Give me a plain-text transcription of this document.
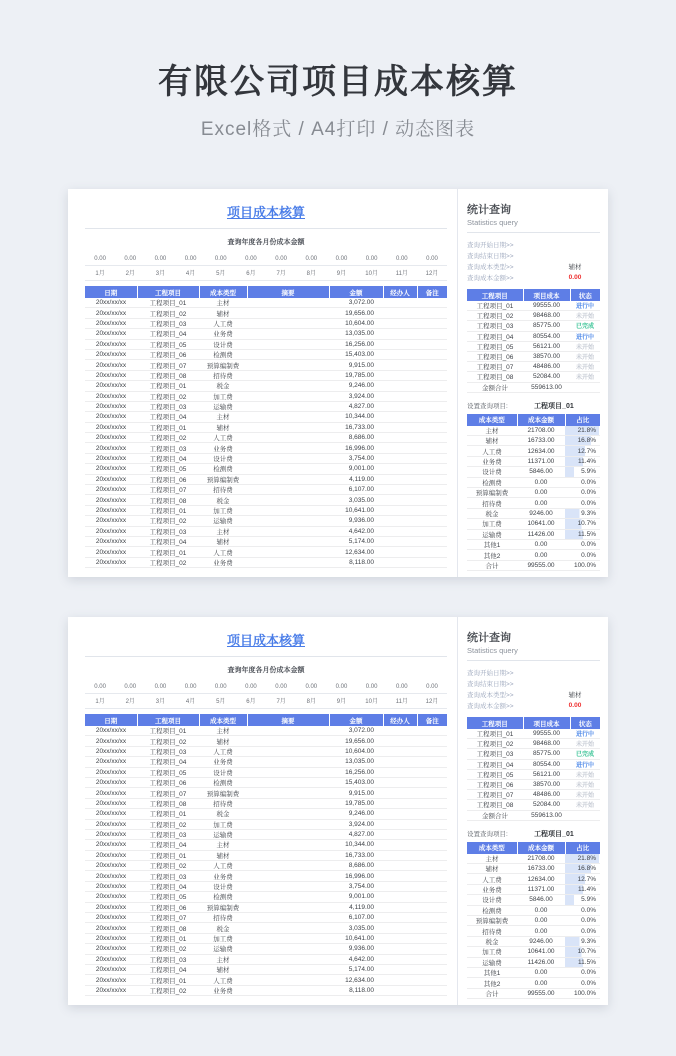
有限公司项目成本核算

Excel格式 / A4打印 / 动态图表

项目成本核算
查询年度各月份成本金额
0.00	0.00	0.00	0.00	0.00	0.00	0.00	0.00	0.00	0.00	0.00	0.00
1月	2月	3月	4月	5月	6月	7月	8月	9月	10月	11月	12月
日期	工程项目	成本类型	摘要	金额	经办人	备注
20xx/xx/xx	工程项目_01	主材		3,072.00		
20xx/xx/xx	工程项目_02	辅材		19,656.00		
20xx/xx/xx	工程项目_03	人工费		10,604.00		
20xx/xx/xx	工程项目_04	业务费		13,035.00		
20xx/xx/xx	工程项目_05	设计费		16,256.00		
20xx/xx/xx	工程项目_06	检测费		15,403.00		
20xx/xx/xx	工程项目_07	预算编制费		9,915.00		
20xx/xx/xx	工程项目_08	招待费		19,785.00		
20xx/xx/xx	工程项目_01	税金		9,246.00		
20xx/xx/xx	工程项目_02	加工费		3,924.00		
20xx/xx/xx	工程项目_03	运输费		4,827.00		
20xx/xx/xx	工程项目_04	主材		10,344.00		
20xx/xx/xx	工程项目_01	辅材		16,733.00		
20xx/xx/xx	工程项目_02	人工费		8,686.00		
20xx/xx/xx	工程项目_03	业务费		16,996.00		
20xx/xx/xx	工程项目_04	设计费		3,754.00		
20xx/xx/xx	工程项目_05	检测费		9,001.00		
20xx/xx/xx	工程项目_06	预算编制费		4,119.00		
20xx/xx/xx	工程项目_07	招待费		6,107.00		
20xx/xx/xx	工程项目_08	税金		3,035.00		
20xx/xx/xx	工程项目_01	加工费		10,641.00		
20xx/xx/xx	工程项目_02	运输费		9,936.00		
20xx/xx/xx	工程项目_03	主材		4,642.00		
20xx/xx/xx	工程项目_04	辅材		5,174.00		
20xx/xx/xx	工程项目_01	人工费		12,634.00		
20xx/xx/xx	工程项目_02	业务费		8,118.00		
统计查询
Statistics query
查询开始日期>>
查询结束日期>>
查询成本类型>>	辅材
查询成本金额>>	0.00
工程项目	项目成本	状态
工程项目_01	99555.00	进行中
工程项目_02	98468.00	未开始
工程项目_03	85775.00	已完成
工程项目_04	80554.00	进行中
工程项目_05	56121.00	未开始
工程项目_06	38570.00	未开始
工程项目_07	48486.00	未开始
工程项目_08	52084.00	未开始
金额合计	559613.00	
设置查询项目:	工程项目_01
成本类型	成本金额	占比
主材	21708.00	21.8%
辅材	16733.00	16.8%
人工费	12634.00	12.7%
业务费	11371.00	11.4%
设计费	5846.00	5.9%
检测费	0.00	0.0%
预算编制费	0.00	0.0%
招待费	0.00	0.0%
税金	9246.00	9.3%
加工费	10641.00	10.7%
运输费	11426.00	11.5%
其他1	0.00	0.0%
其他2	0.00	0.0%
合计	99555.00	100.0%
项目成本核算
查询年度各月份成本金额
0.00	0.00	0.00	0.00	0.00	0.00	0.00	0.00	0.00	0.00	0.00	0.00
1月	2月	3月	4月	5月	6月	7月	8月	9月	10月	11月	12月
日期	工程项目	成本类型	摘要	金额	经办人	备注
20xx/xx/xx	工程项目_01	主材		3,072.00		
20xx/xx/xx	工程项目_02	辅材		19,656.00		
20xx/xx/xx	工程项目_03	人工费		10,604.00		
20xx/xx/xx	工程项目_04	业务费		13,035.00		
20xx/xx/xx	工程项目_05	设计费		16,256.00		
20xx/xx/xx	工程项目_06	检测费		15,403.00		
20xx/xx/xx	工程项目_07	预算编制费		9,915.00		
20xx/xx/xx	工程项目_08	招待费		19,785.00		
20xx/xx/xx	工程项目_01	税金		9,246.00		
20xx/xx/xx	工程项目_02	加工费		3,924.00		
20xx/xx/xx	工程项目_03	运输费		4,827.00		
20xx/xx/xx	工程项目_04	主材		10,344.00		
20xx/xx/xx	工程项目_01	辅材		16,733.00		
20xx/xx/xx	工程项目_02	人工费		8,686.00		
20xx/xx/xx	工程项目_03	业务费		16,996.00		
20xx/xx/xx	工程项目_04	设计费		3,754.00		
20xx/xx/xx	工程项目_05	检测费		9,001.00		
20xx/xx/xx	工程项目_06	预算编制费		4,119.00		
20xx/xx/xx	工程项目_07	招待费		6,107.00		
20xx/xx/xx	工程项目_08	税金		3,035.00		
20xx/xx/xx	工程项目_01	加工费		10,641.00		
20xx/xx/xx	工程项目_02	运输费		9,936.00		
20xx/xx/xx	工程项目_03	主材		4,642.00		
20xx/xx/xx	工程项目_04	辅材		5,174.00		
20xx/xx/xx	工程项目_01	人工费		12,634.00		
20xx/xx/xx	工程项目_02	业务费		8,118.00		
统计查询
Statistics query
查询开始日期>>
查询结束日期>>
查询成本类型>>	辅材
查询成本金额>>	0.00
工程项目	项目成本	状态
工程项目_01	99555.00	进行中
工程项目_02	98468.00	未开始
工程项目_03	85775.00	已完成
工程项目_04	80554.00	进行中
工程项目_05	56121.00	未开始
工程项目_06	38570.00	未开始
工程项目_07	48486.00	未开始
工程项目_08	52084.00	未开始
金额合计	559613.00	
设置查询项目:	工程项目_01
成本类型	成本金额	占比
主材	21708.00	21.8%
辅材	16733.00	16.8%
人工费	12634.00	12.7%
业务费	11371.00	11.4%
设计费	5846.00	5.9%
检测费	0.00	0.0%
预算编制费	0.00	0.0%
招待费	0.00	0.0%
税金	9246.00	9.3%
加工费	10641.00	10.7%
运输费	11426.00	11.5%
其他1	0.00	0.0%
其他2	0.00	0.0%
合计	99555.00	100.0%
